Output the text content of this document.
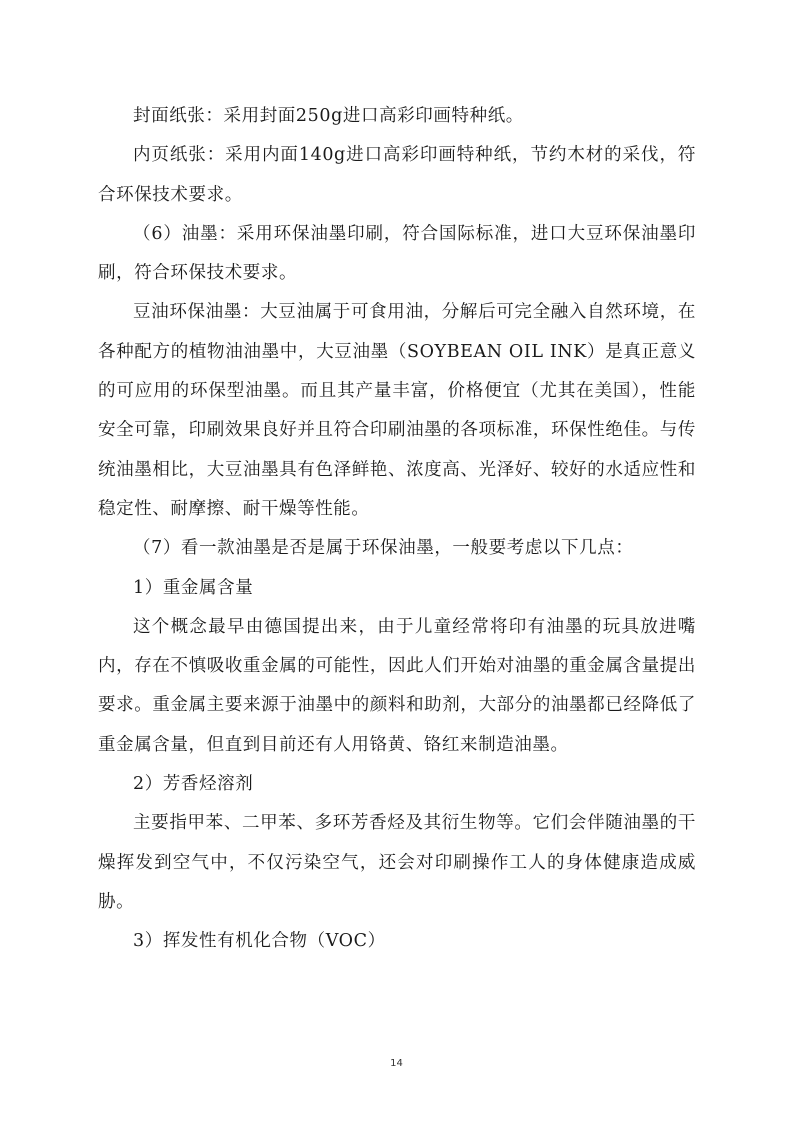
封面纸张：采用封面250g进口高彩印画特种纸。

内页纸张：采用内面140g进口高彩印画特种纸，节约木材的采伐，符合环保技术要求。

（6）油墨：采用环保油墨印刷，符合国际标准，进口大豆环保油墨印刷，符合环保技术要求。

豆油环保油墨：大豆油属于可食用油，分解后可完全融入自然环境，在各种配方的植物油油墨中，大豆油墨（SOYBEAN OIL INK）是真正意义的可应用的环保型油墨。而且其产量丰富，价格便宜（尤其在美国），性能安全可靠，印刷效果良好并且符合印刷油墨的各项标准，环保性绝佳。与传统油墨相比，大豆油墨具有色泽鲜艳、浓度高、光泽好、较好的水适应性和稳定性、耐摩擦、耐干燥等性能。

（7）看一款油墨是否是属于环保油墨，一般要考虑以下几点：

1）重金属含量

这个概念最早由德国提出来，由于儿童经常将印有油墨的玩具放进嘴内，存在不慎吸收重金属的可能性，因此人们开始对油墨的重金属含量提出要求。重金属主要来源于油墨中的颜料和助剂，大部分的油墨都已经降低了重金属含量，但直到目前还有人用铬黄、铬红来制造油墨。

2）芳香烃溶剂

主要指甲苯、二甲苯、多环芳香烃及其衍生物等。它们会伴随油墨的干燥挥发到空气中，不仅污染空气，还会对印刷操作工人的身体健康造成威胁。

3）挥发性有机化合物（VOC）

14
